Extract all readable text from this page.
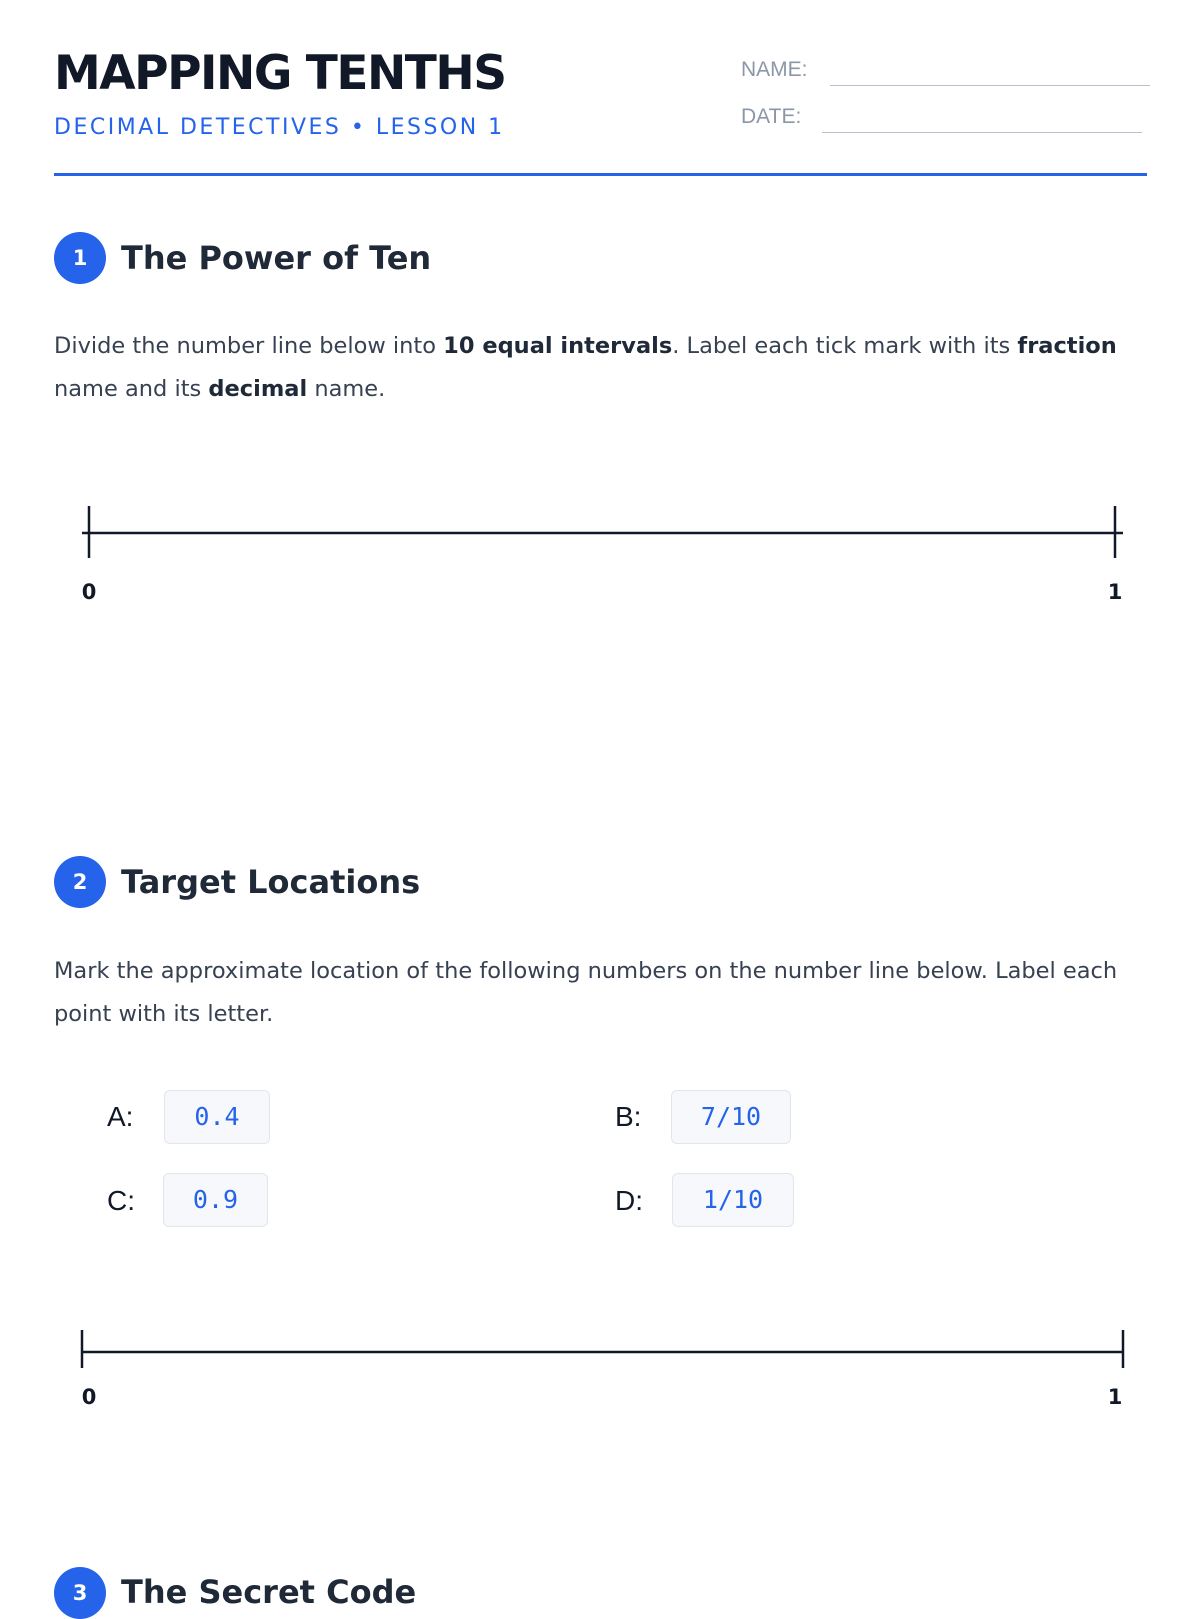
MAPPING TENTHS
DECIMAL DETECTIVES • LESSON 1
NAME:
DATE:
1	The Power of Ten
Divide the number line below into 10 equal intervals. Label each tick mark with its fraction name and its decimal name.
0	1
2	Target Locations
Mark the approximate location of the following numbers on the number line below. Label each point with its letter.
A:	0.4	B:	7/10
C:	0.9	D:	1/10
0	1
3	The Secret Code
